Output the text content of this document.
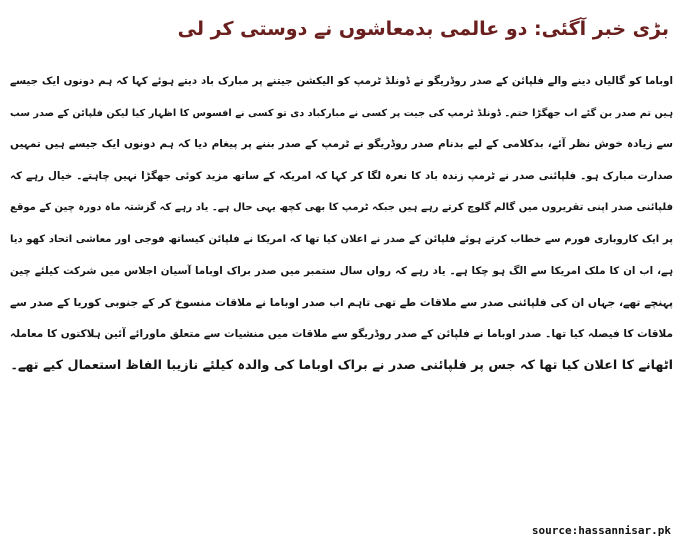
بڑی خبر آگئی: دو عالمی بدمعاشوں نے دوستی کر لی
اوباما کو گالیاں دینے والے فلپائن کے صدر روڈریگو نے ڈونلڈ ٹرمپ کو الیکشن جیتنے پر مبارک باد دیتے ہوئے کہا کہ ہم دونوں ایک جیسے
ہیں تم صدر بن گئے اب جھگڑا ختم۔ ڈونلڈ ٹرمپ کی جیت پر کسی نے مبارکباد دی تو کسی نے افسوس کا اظہار کیا لیکن فلپائن کے صدر سب
سے زیادہ خوش نظر آئے، بدکلامی کے لیے بدنام صدر روڈریگو نے ٹرمپ کے صدر بننے پر پیغام دیا کہ ہم دونوں ایک جیسے ہیں تمہیں
صدارت مبارک ہو۔ فلپائنی صدر نے ٹرمپ زندہ باد کا نعرہ لگا کر کہا کہ امریکہ کے ساتھ مزید کوئی جھگڑا نہیں چاہتے۔ خیال رہے کہ
فلپائنی صدر اپنی تقریروں میں گالم گلوچ کرتے رہے ہیں جبکہ ٹرمپ کا بھی کچھ یہی حال ہے۔ یاد رہے کہ گزشتہ ماہ دورہ چین کے موقع
پر ایک کاروباری فورم سے خطاب کرتے ہوئے فلپائن کے صدر نے اعلان کیا تھا کہ امریکا نے فلپائن کیساتھ فوجی اور معاشی اتحاد کھو دیا
ہے، اب ان کا ملک امریکا سے الگ ہو چکا ہے۔ یاد رہے کہ رواں سال ستمبر میں صدر براک اوباما آسیان اجلاس میں شرکت کیلئے چین
پہنچے تھے، جہاں ان کی فلپائنی صدر سے ملاقات طے تھی تاہم اب صدر اوباما نے ملاقات منسوخ کر کے جنوبی کوریا کے صدر سے
ملاقات کا فیصلہ کیا تھا۔ صدر اوباما نے فلپائن کے صدر روڈریگو سے ملاقات میں منشیات سے متعلق ماورائے آئین ہلاکتوں کا معاملہ
اٹھانے کا اعلان کیا تھا کہ جس پر فلپائنی صدر نے براک اوباما کی والدہ کیلئے نازیبا الفاظ استعمال کیے تھے۔
source:hassannisar.pk
